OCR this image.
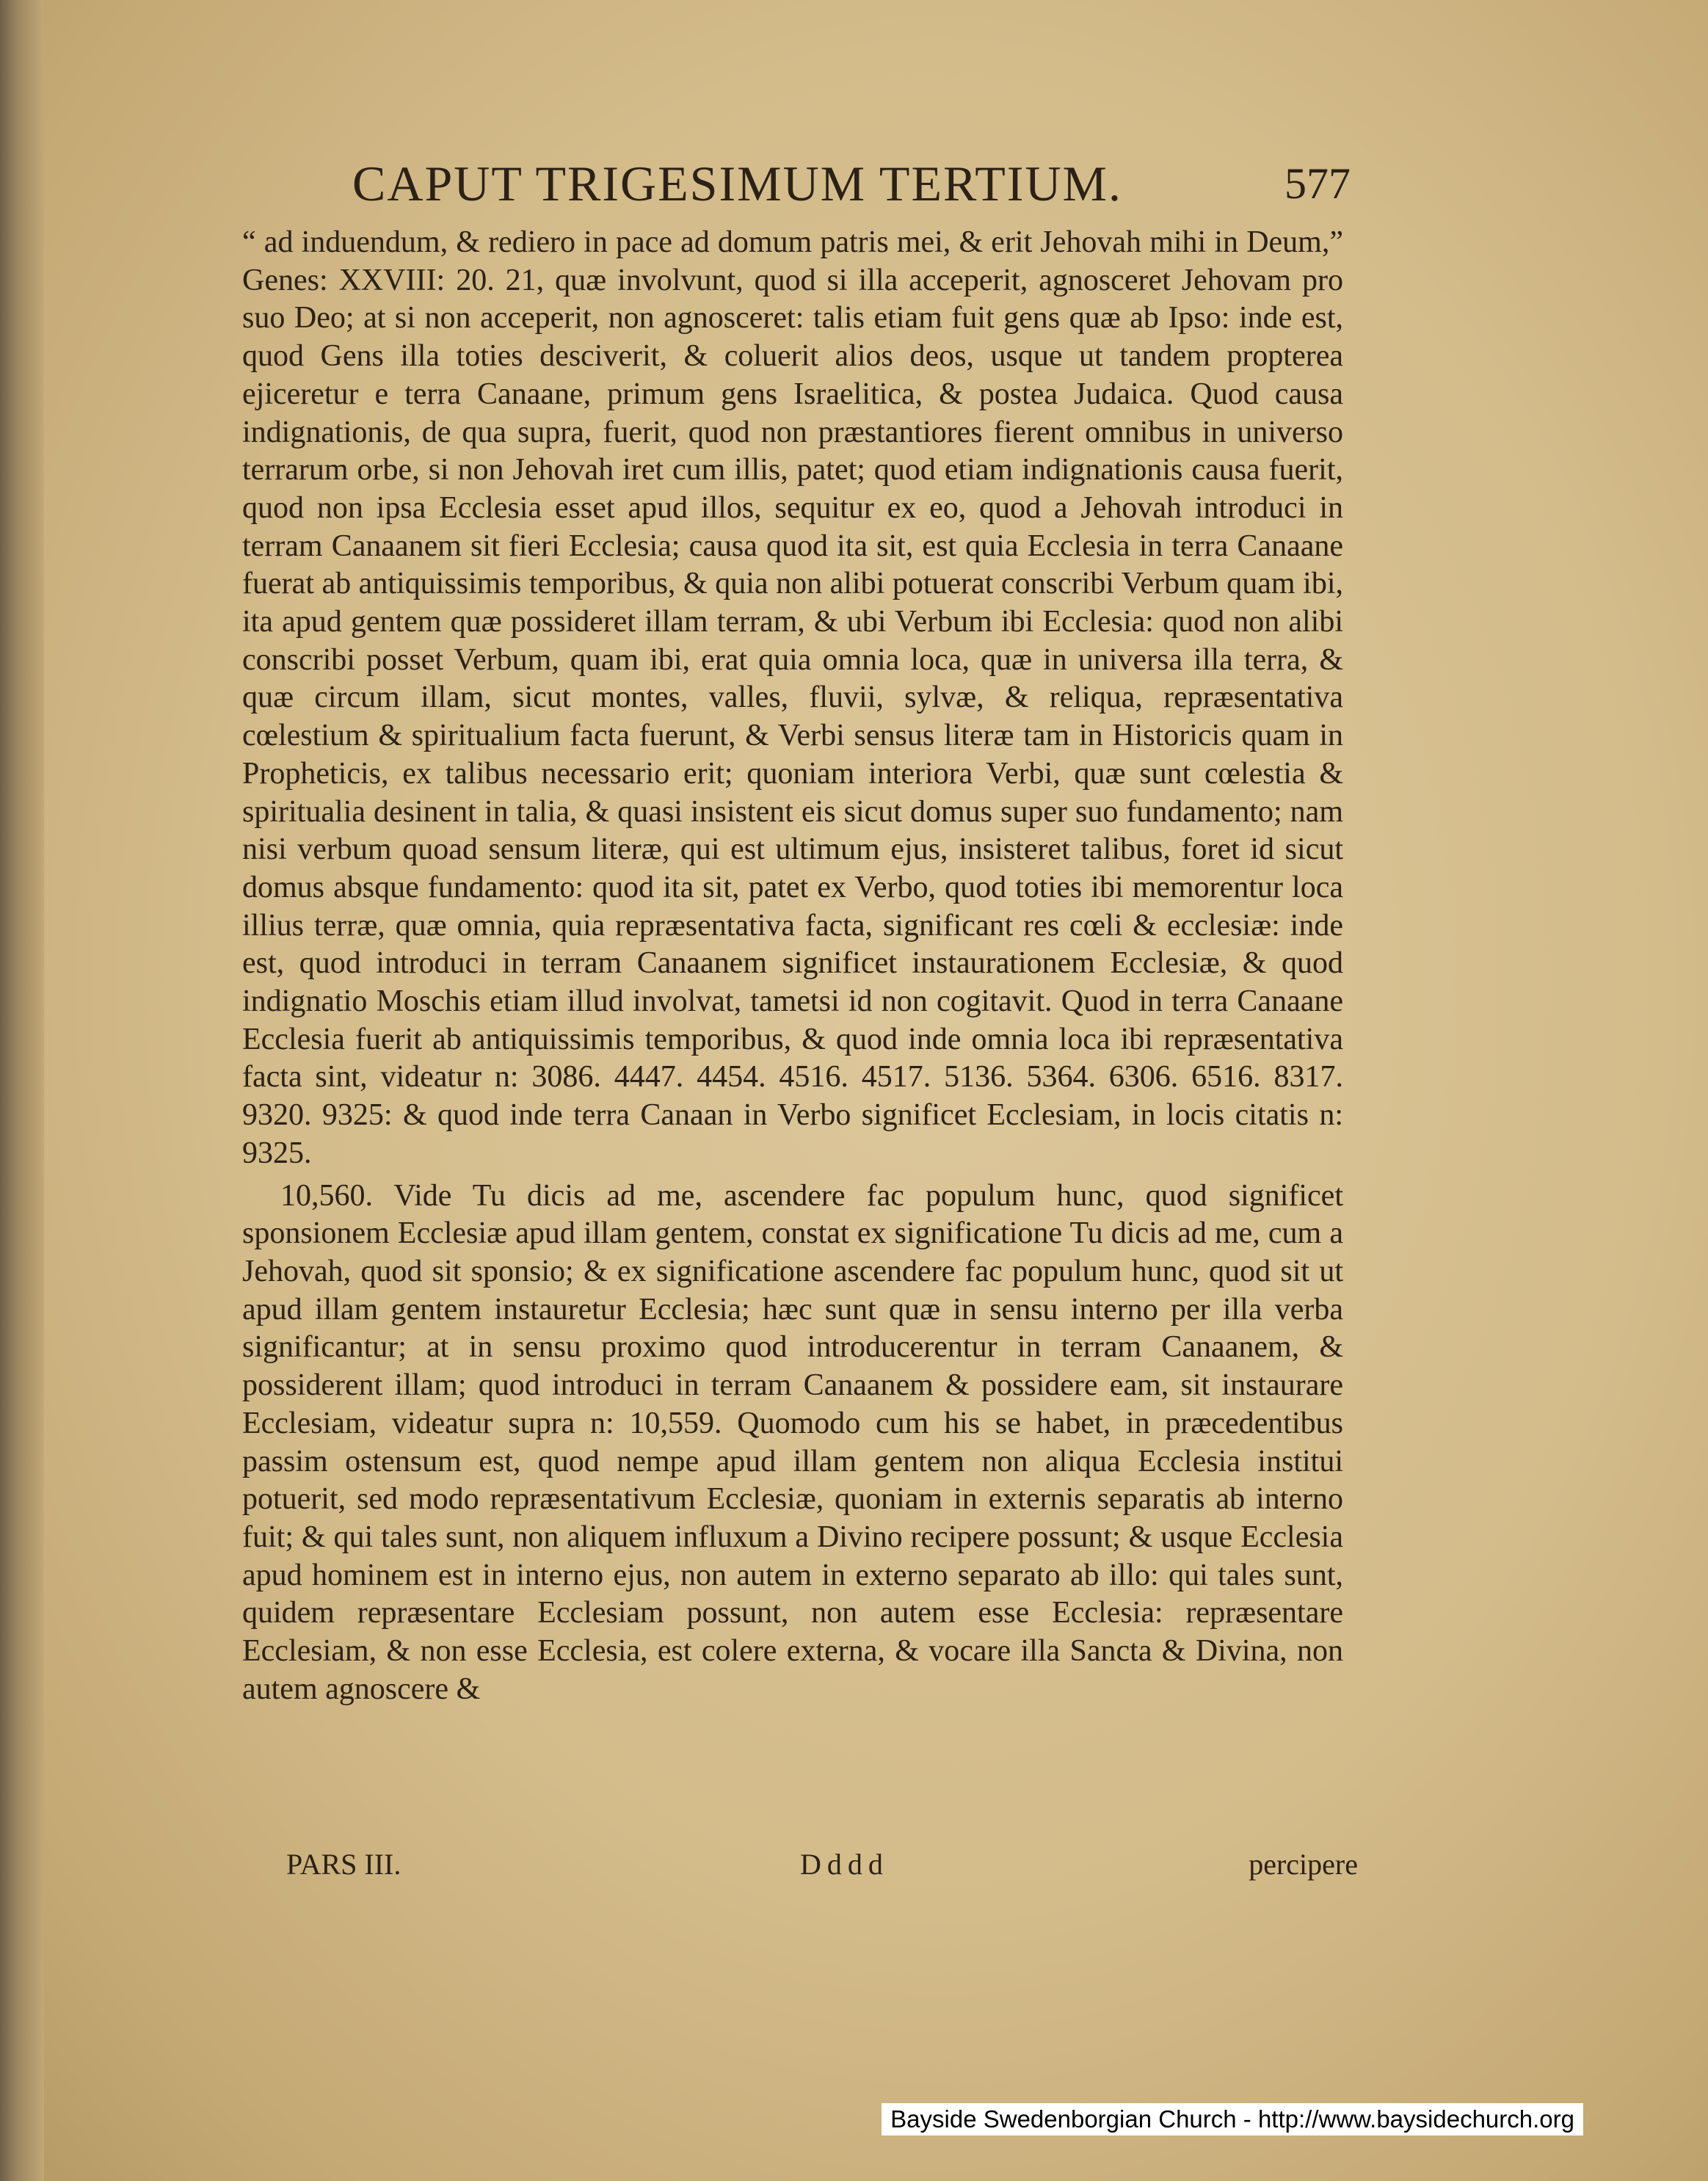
CAPUT TRIGESIMUM TERTIUM.	577

“ ad induendum, & rediero in pace ad domum patris mei, & erit Jehovah mihi in Deum,” Genes: XXVIII: 20. 21, quæ involvunt, quod si illa acceperit, agnosceret Jehovam pro suo Deo; at si non acceperit, non agnosceret: talis etiam fuit gens quæ ab Ipso: inde est, quod Gens illa toties desciverit, & coluerit alios deos, usque ut tandem propterea ejiceretur e terra Canaane, primum gens Israelitica, & postea Judaica. Quod causa indignationis, de qua supra, fuerit, quod non præstantiores fierent omnibus in universo terrarum orbe, si non Jehovah iret cum illis, patet; quod etiam indignationis causa fuerit, quod non ipsa Ecclesia esset apud illos, sequitur ex eo, quod a Jehovah introduci in terram Canaanem sit fieri Ecclesia; causa quod ita sit, est quia Ecclesia in terra Canaane fuerat ab antiquissimis temporibus, & quia non alibi potuerat conscribi Verbum quam ibi, ita apud gentem quæ possideret illam terram, & ubi Verbum ibi Ecclesia: quod non alibi conscribi posset Verbum, quam ibi, erat quia omnia loca, quæ in universa illa terra, & quæ circum illam, sicut montes, valles, fluvii, sylvæ, & reliqua, repræsentativa cœlestium & spiritualium facta fuerunt, & Verbi sensus literæ tam in Historicis quam in Propheticis, ex talibus necessario erit; quoniam interiora Verbi, quæ sunt cœlestia & spiritualia desinent in talia, & quasi insistent eis sicut domus super suo fundamento; nam nisi verbum quoad sensum literæ, qui est ultimum ejus, insisteret talibus, foret id sicut domus absque fundamento: quod ita sit, patet ex Verbo, quod toties ibi memorentur loca illius terræ, quæ omnia, quia repræsentativa facta, significant res cœli & ecclesiæ: inde est, quod introduci in terram Canaanem significet instaurationem Ecclesiæ, & quod indignatio Moschis etiam illud involvat, tametsi id non cogitavit. Quod in terra Canaane Ecclesia fuerit ab antiquissimis temporibus, & quod inde omnia loca ibi repræsentativa facta sint, videatur n: 3086. 4447. 4454. 4516. 4517. 5136. 5364. 6306. 6516. 8317. 9320. 9325: & quod inde terra Canaan in Verbo significet Ecclesiam, in locis citatis n: 9325.

10,560. Vide Tu dicis ad me, ascendere fac populum hunc, quod significet sponsionem Ecclesiæ apud illam gentem, constat ex significatione Tu dicis ad me, cum a Jehovah, quod sit sponsio; & ex significatione ascendere fac populum hunc, quod sit ut apud illam gentem instauretur Ecclesia; hæc sunt quæ in sensu interno per illa verba significantur; at in sensu proximo quod introducerentur in terram Canaanem, & possiderent illam; quod introduci in terram Canaanem & possidere eam, sit instaurare Ecclesiam, videatur supra n: 10,559. Quomodo cum his se habet, in præcedentibus passim ostensum est, quod nempe apud illam gentem non aliqua Ecclesia institui potuerit, sed modo repræsentativum Ecclesiæ, quoniam in externis separatis ab interno fuit; & qui tales sunt, non aliquem influxum a Divino recipere possunt; & usque Ecclesia apud hominem est in interno ejus, non autem in externo separato ab illo: qui tales sunt, quidem repræsentare Ecclesiam possunt, non autem esse Ecclesia: repræsentare Ecclesiam, & non esse Ecclesia, est colere externa, & vocare illa Sancta & Divina, non autem agnoscere &

PARS III.	Dddd	percipere
Bayside Swedenborgian Church - http://www.baysidechurch.org
